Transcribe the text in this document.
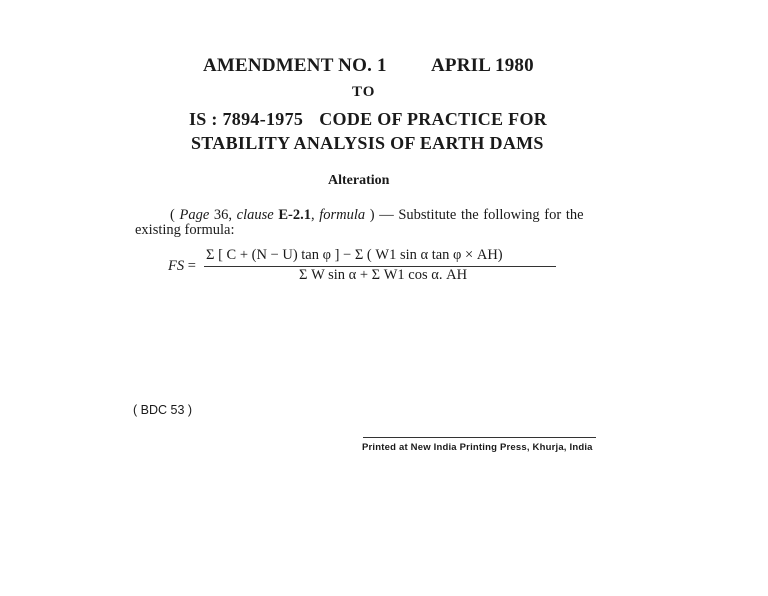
AMENDMENT NO. 1 APRIL 1980
TO
IS : 7894-1975 CODE OF PRACTICE FOR
STABILITY ANALYSIS OF EARTH DAMS
Alteration
( Page 36, clause E-2.1, formula ) — Substitute the following for the
existing formula:
FS =
Σ [ C + (N − U) tan φ ] − Σ ( W1 sin α tan φ × AH)
Σ W sin α + Σ W1 cos α. AH
( BDC 53 )
Printed at New India Printing Press, Khurja, India
